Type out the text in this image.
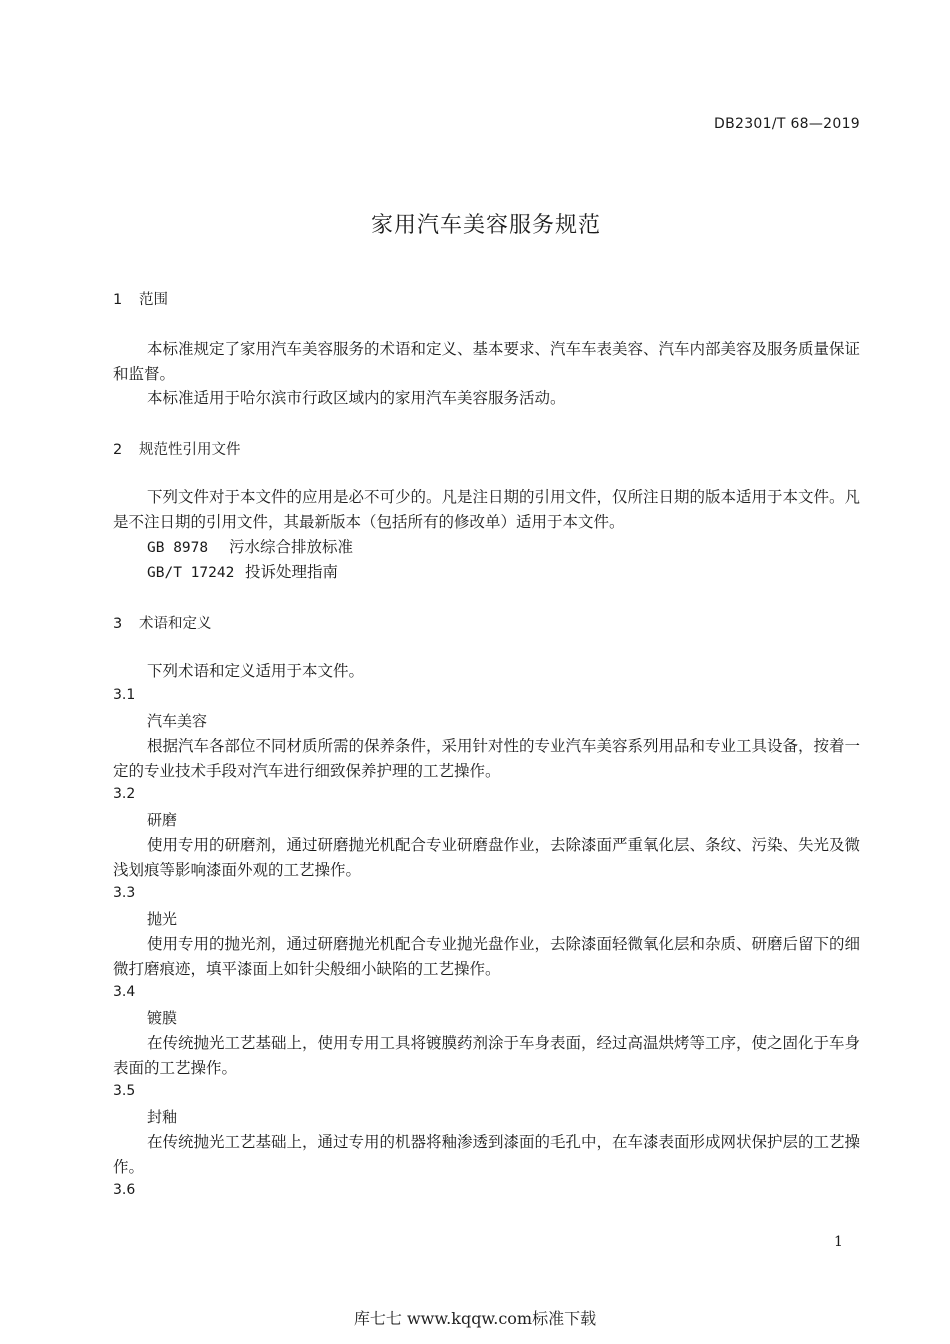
DB2301/T 68—2019
家用汽车美容服务规范
1 范围
本标准规定了家用汽车美容服务的术语和定义、基本要求、汽车车表美容、汽车内部美容及服务质量保证和监督。
本标准适用于哈尔滨市行政区域内的家用汽车美容服务活动。
2 规范性引用文件
下列文件对于本文件的应用是必不可少的。凡是注日期的引用文件，仅所注日期的版本适用于本文件。凡是不注日期的引用文件，其最新版本（包括所有的修改单）适用于本文件。
GB 8978 污水综合排放标准
GB/T 17242 投诉处理指南
3 术语和定义
下列术语和定义适用于本文件。
3.1
汽车美容
根据汽车各部位不同材质所需的保养条件，采用针对性的专业汽车美容系列用品和专业工具设备，按着一定的专业技术手段对汽车进行细致保养护理的工艺操作。
3.2
研磨
使用专用的研磨剂，通过研磨抛光机配合专业研磨盘作业，去除漆面严重氧化层、条纹、污染、失光及微浅划痕等影响漆面外观的工艺操作。
3.3
抛光
使用专用的抛光剂，通过研磨抛光机配合专业抛光盘作业，去除漆面轻微氧化层和杂质、研磨后留下的细微打磨痕迹，填平漆面上如针尖般细小缺陷的工艺操作。
3.4
镀膜
在传统抛光工艺基础上，使用专用工具将镀膜药剂涂于车身表面，经过高温烘烤等工序，使之固化于车身表面的工艺操作。
3.5
封釉
在传统抛光工艺基础上，通过专用的机器将釉渗透到漆面的毛孔中，在车漆表面形成网状保护层的工艺操作。
3.6
1
库七七 www.kqqw.com标准下载
